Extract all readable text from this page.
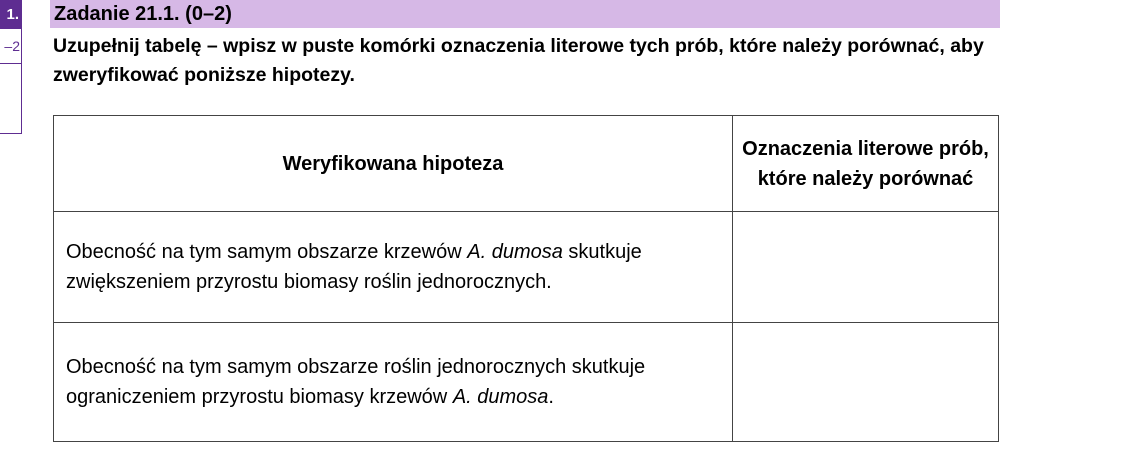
1.
–2
Zadanie 21.1. (0–2)
Uzupełnij tabelę – wpisz w puste komórki oznaczenia literowe tych prób, które należy porównać, aby zweryfikować poniższe hipotezy.
Weryfikowana hipoteza	Oznaczenia literowe prób, które należy porównać
Obecność na tym samym obszarze krzewów A. dumosa skutkuje zwiększeniem przyrostu biomasy roślin jednorocznych.	
Obecność na tym samym obszarze roślin jednorocznych skutkuje ograniczeniem przyrostu biomasy krzewów A. dumosa.	
